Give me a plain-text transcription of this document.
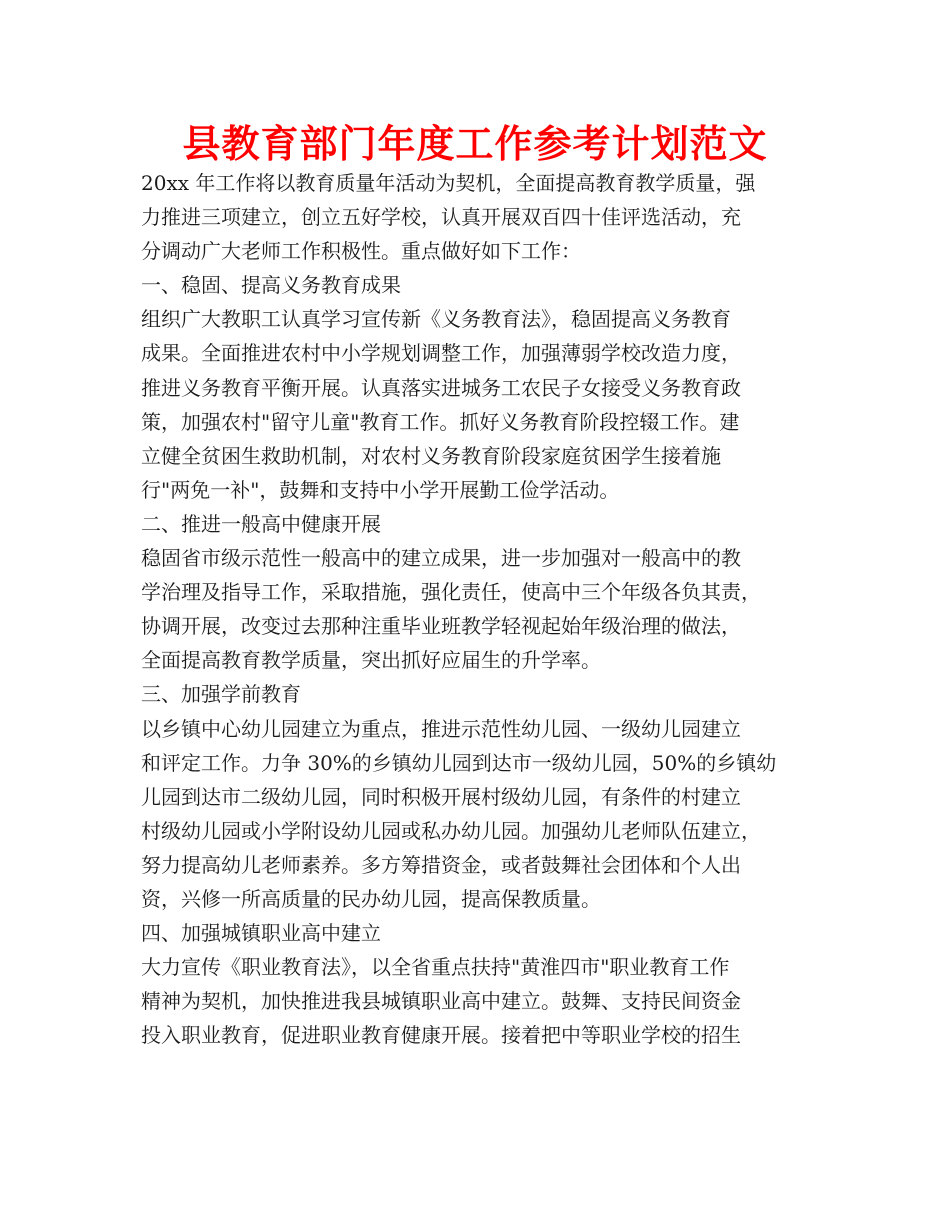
县教育部门年度工作参考计划范文
20xx 年工作将以教育质量年活动为契机，全面提高教育教学质量，强
力推进三项建立，创立五好学校，认真开展双百四十佳评选活动，充
分调动广大老师工作积极性。重点做好如下工作：
一、稳固、提高义务教育成果
组织广大教职工认真学习宣传新《义务教育法》，稳固提高义务教育
成果。全面推进农村中小学规划调整工作，加强薄弱学校改造力度，
推进义务教育平衡开展。认真落实进城务工农民子女接受义务教育政
策，加强农村"留守儿童"教育工作。抓好义务教育阶段控辍工作。建
立健全贫困生救助机制，对农村义务教育阶段家庭贫困学生接着施
行"两免一补"，鼓舞和支持中小学开展勤工俭学活动。
二、推进一般高中健康开展
稳固省市级示范性一般高中的建立成果，进一步加强对一般高中的教
学治理及指导工作，采取措施，强化责任，使高中三个年级各负其责，
协调开展，改变过去那种注重毕业班教学轻视起始年级治理的做法，
全面提高教育教学质量，突出抓好应届生的升学率。
三、加强学前教育
以乡镇中心幼儿园建立为重点，推进示范性幼儿园、一级幼儿园建立
和评定工作。力争 30%的乡镇幼儿园到达市一级幼儿园，50%的乡镇幼
儿园到达市二级幼儿园，同时积极开展村级幼儿园，有条件的村建立
村级幼儿园或小学附设幼儿园或私办幼儿园。加强幼儿老师队伍建立，
努力提高幼儿老师素养。多方筹措资金，或者鼓舞社会团体和个人出
资，兴修一所高质量的民办幼儿园，提高保教质量。
四、加强城镇职业高中建立
大力宣传《职业教育法》，以全省重点扶持"黄淮四市"职业教育工作
精神为契机，加快推进我县城镇职业高中建立。鼓舞、支持民间资金
投入职业教育，促进职业教育健康开展。接着把中等职业学校的招生
